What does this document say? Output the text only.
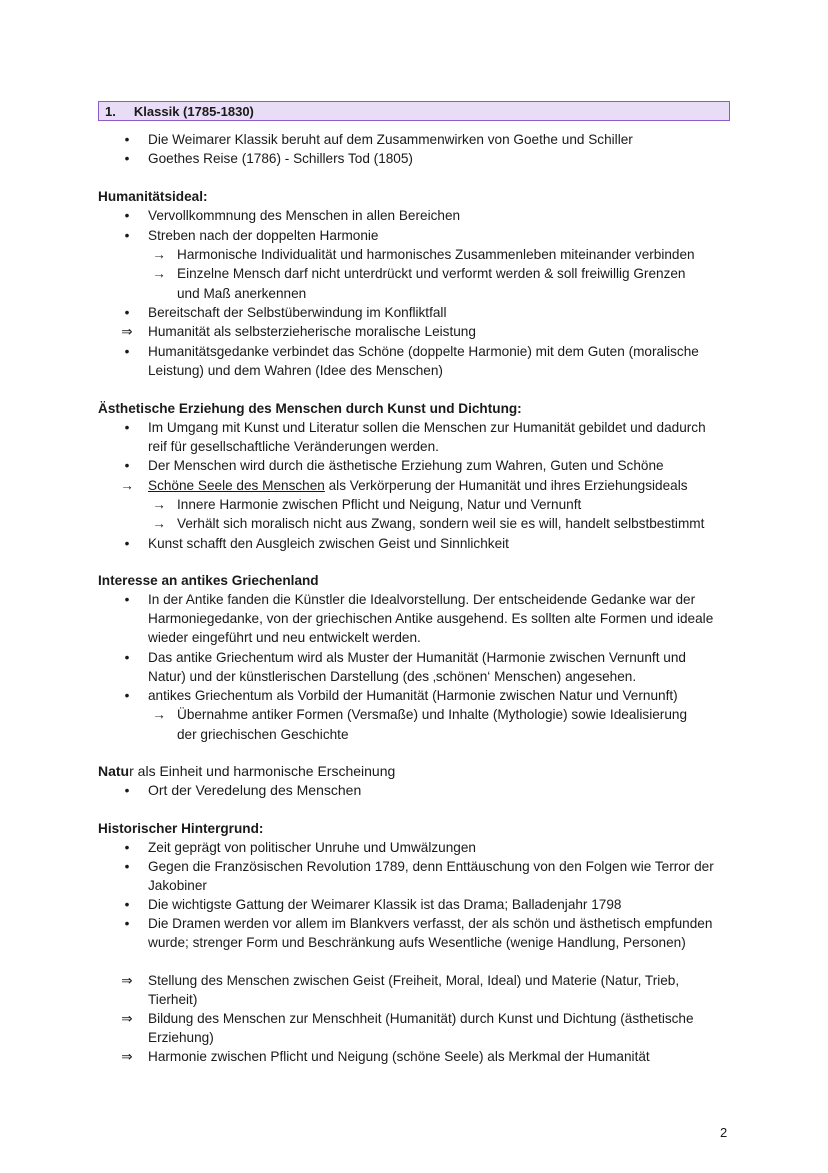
1. Klassik (1785-1830)
•
Die Weimarer Klassik beruht auf dem Zusammenwirken von Goethe und Schiller
•
Goethes Reise (1786) - Schillers Tod (1805)
Humanitätsideal:
•
Vervollkommnung des Menschen in allen Bereichen
•
Streben nach der doppelten Harmonie
→ Harmonische Individualität und harmonisches Zusammenleben miteinander verbinden
→ Einzelne Mensch darf nicht unterdrückt und verformt werden & soll freiwillig Grenzen
und Maß anerkennen
•
Bereitschaft der Selbstüberwindung im Konfliktfall
⇒	Humanität als selbsterzieherische moralische Leistung
•
Humanitätsgedanke verbindet das Schöne (doppelte Harmonie) mit dem Guten (moralische
Leistung) und dem Wahren (Idee des Menschen)
Ästhetische Erziehung des Menschen durch Kunst und Dichtung:
•
Im Umgang mit Kunst und Literatur sollen die Menschen zur Humanität gebildet und dadurch
reif für gesellschaftliche Veränderungen werden.
•
Der Menschen wird durch die ästhetische Erziehung zum Wahren, Guten und Schöne
→ Schöne Seele des Menschen als Verkörperung der Humanität und ihres Erziehungsideals
→ Innere Harmonie zwischen Pflicht und Neigung, Natur und Vernunft
→ Verhält sich moralisch nicht aus Zwang, sondern weil sie es will, handelt selbstbestimmt
•
Kunst schafft den Ausgleich zwischen Geist und Sinnlichkeit
Interesse an antikes Griechenland
•
In der Antike fanden die Künstler die Idealvorstellung. Der entscheidende Gedanke war der
Harmoniegedanke, von der griechischen Antike ausgehend. Es sollten alte Formen und ideale
wieder eingeführt und neu entwickelt werden.
•
Das antike Griechentum wird als Muster der Humanität (Harmonie zwischen Vernunft und
Natur) und der künstlerischen Darstellung (des ‚schönen‘ Menschen) angesehen.
•
antikes Griechentum als Vorbild der Humanität (Harmonie zwischen Natur und Vernunft)
→ Übernahme antiker Formen (Versmaße) und Inhalte (Mythologie) sowie Idealisierung
der griechischen Geschichte
Natur als Einheit und harmonische Erscheinung
•
Ort der Veredelung des Menschen
Historischer Hintergrund:
•
Zeit geprägt von politischer Unruhe und Umwälzungen
•
Gegen die Französischen Revolution 1789, denn Enttäuschung von den Folgen wie Terror der
Jakobiner
•
Die wichtigste Gattung der Weimarer Klassik ist das Drama; Balladenjahr 1798
•
Die Dramen werden vor allem im Blankvers verfasst, der als schön und ästhetisch empfunden
wurde; strenger Form und Beschränkung aufs Wesentliche (wenige Handlung, Personen)
⇒	Stellung des Menschen zwischen Geist (Freiheit, Moral, Ideal) und Materie (Natur, Trieb,
Tierheit)
⇒	Bildung des Menschen zur Menschheit (Humanität) durch Kunst und Dichtung (ästhetische
Erziehung)
⇒	Harmonie zwischen Pflicht und Neigung (schöne Seele) als Merkmal der Humanität
2
